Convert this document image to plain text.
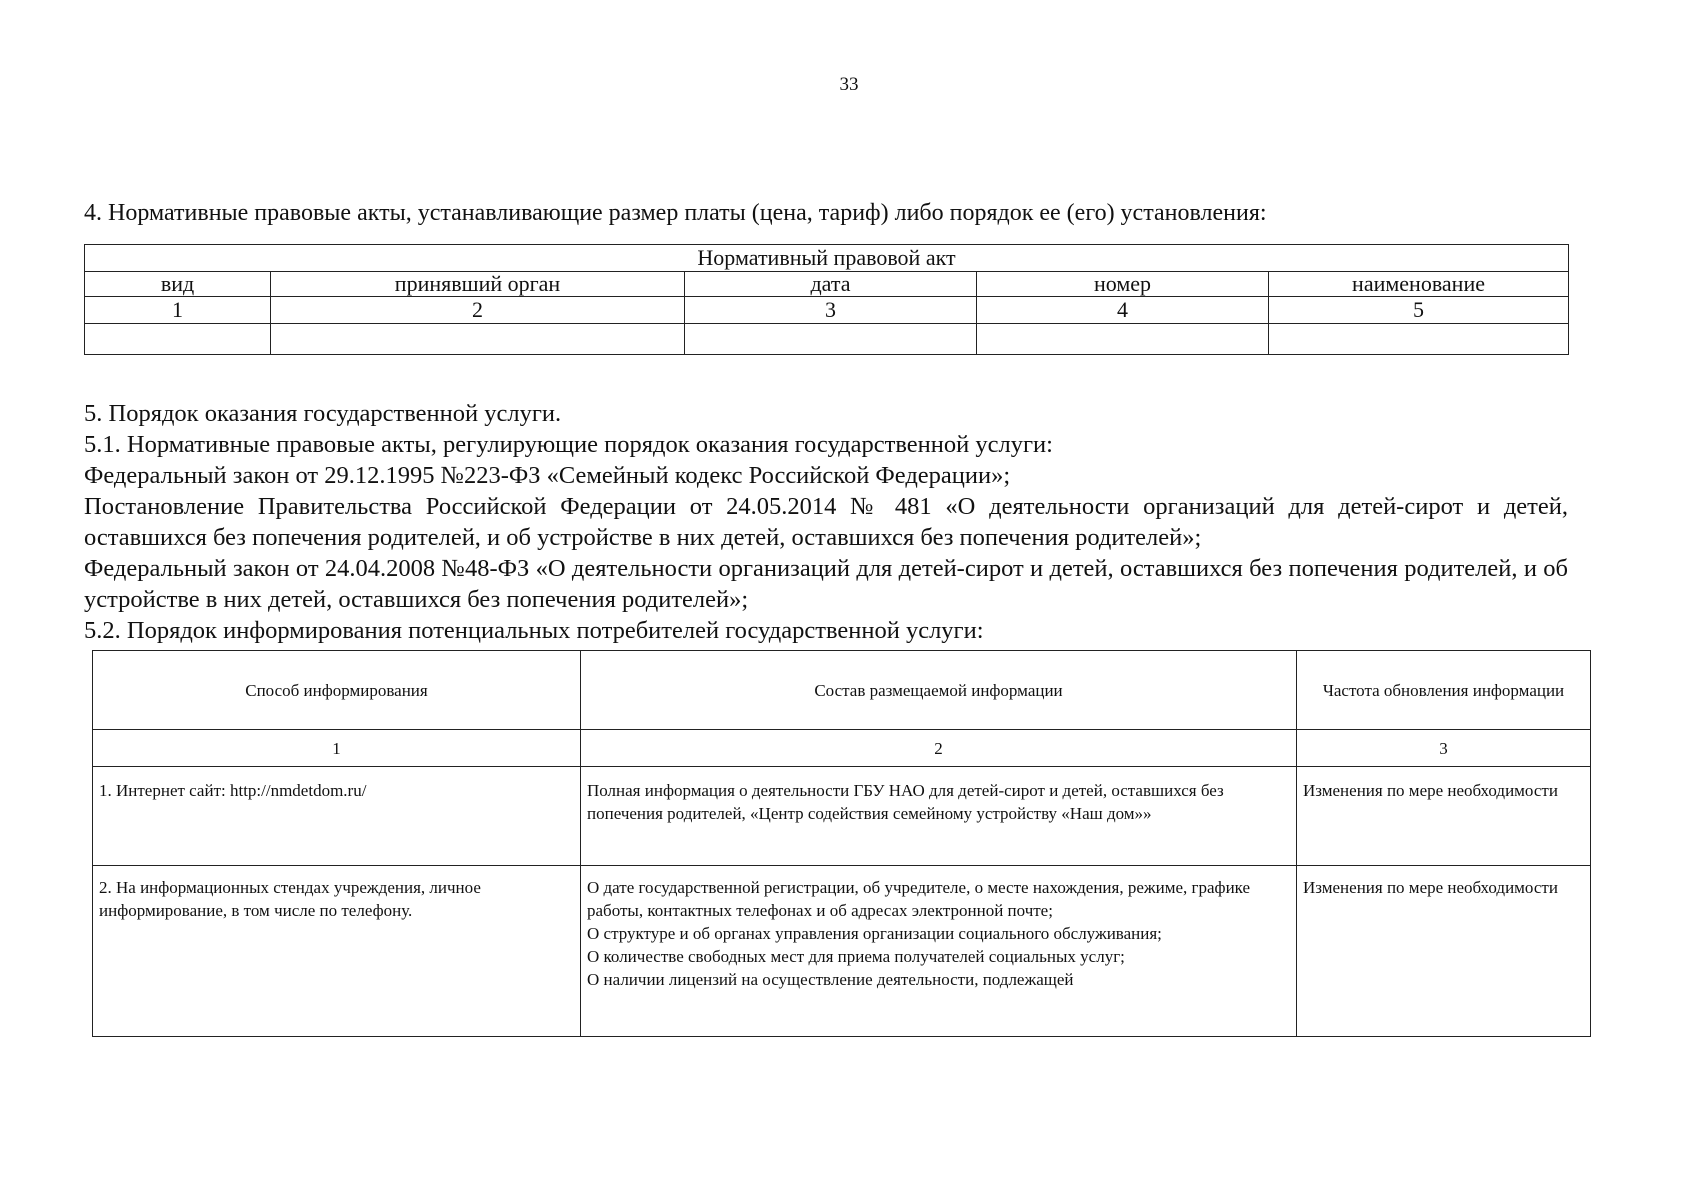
33
4. Нормативные правовые акты, устанавливающие размер платы (цена, тариф) либо порядок ее (его) установления:
Нормативный правовой акт				
вид	принявший орган	дата	номер	наименование
1	2	3	4	5

5. Порядок оказания государственной услуги.

5.1. Нормативные правовые акты, регулирующие порядок оказания государственной услуги:

Федеральный закон от 29.12.1995 №223-ФЗ «Семейный кодекс Российской Федерации»;

Постановление Правительства Российской Федерации от 24.05.2014 № 481 «О деятельности организаций для детей-сирот и детей, оставшихся без попечения родителей, и об устройстве в них детей, оставшихся без попечения родителей»;

Федеральный закон от 24.04.2008 №48-ФЗ «О деятельности организаций для детей-сирот и детей, оставшихся без попечения родителей, и об устройстве в них детей, оставшихся без попечения родителей»;

5.2. Порядок информирования потенциальных потребителей государственной услуги:

Способ информирования	Состав размещаемой информации	Частота обновления информации
1	2	3
1. Интернет сайт: http://nmdetdom.ru/	Полная информация о деятельности ГБУ НАО для детей-сирот и детей, оставшихся без попечения родителей, «Центр содействия семейному устройству «Наш дом»»	Изменения по мере необходимости
2. На информационных стендах учреждения, личное информирование, в том числе по телефону.	О дате государственной регистрации, об учредителе, о месте нахождения, режиме, графике работы, контактных телефонах и об адресах электронной почте;
О структуре и об органах управления организации социального обслуживания;
О количестве свободных мест для приема получателей социальных услуг;
О наличии лицензий на осуществление деятельности, подлежащей	Изменения по мере необходимости
